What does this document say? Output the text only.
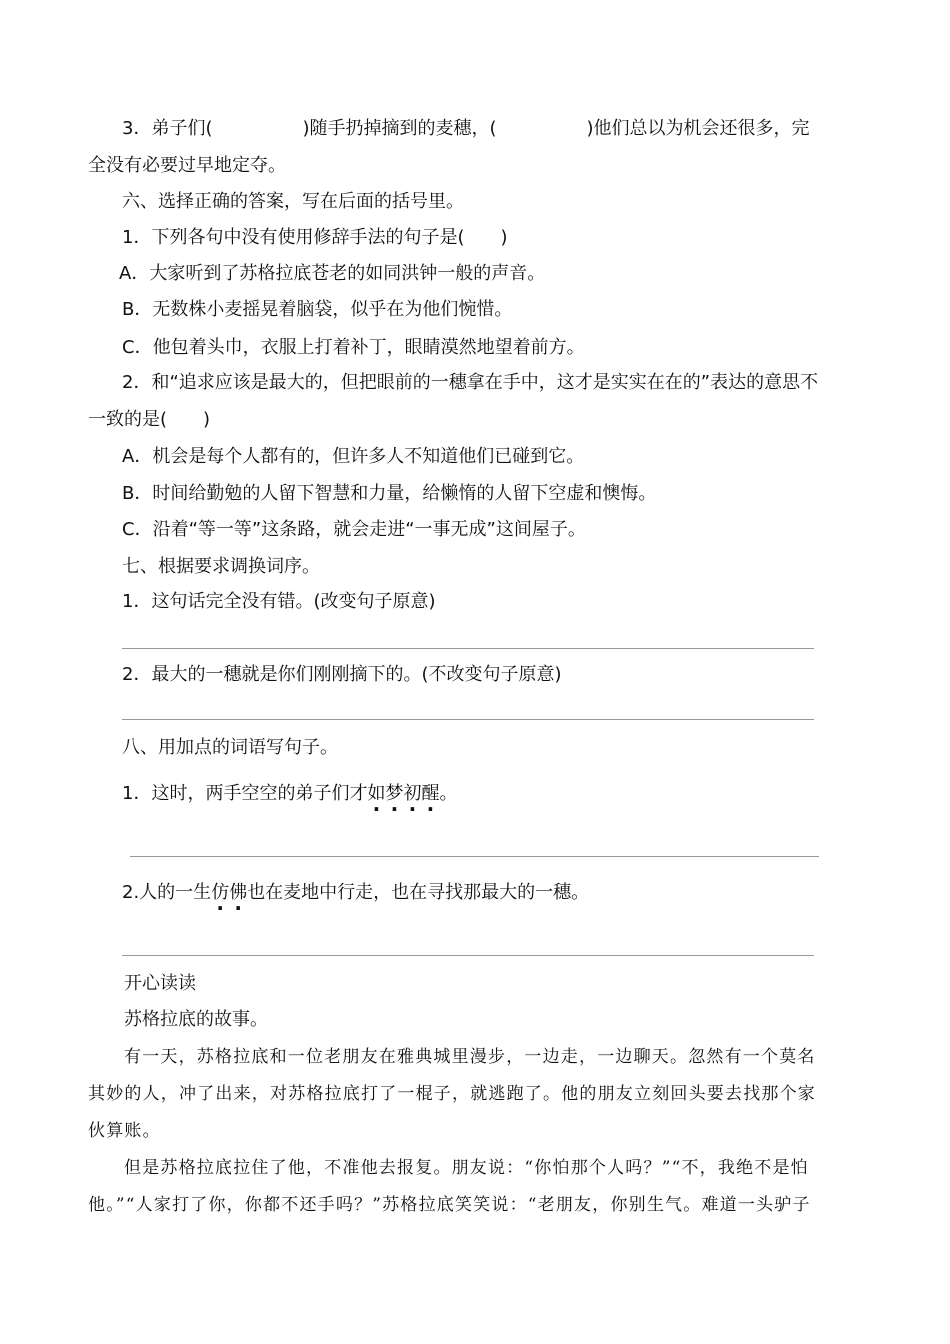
3．弟子们(　　　　　)随手扔掉摘到的麦穗，(　　　　　)他们总以为机会还很多，完
全没有必要过早地定夺。
六、选择正确的答案，写在后面的括号里。
1．下列各句中没有使用修辞手法的句子是(　　)
A．大家听到了苏格拉底苍老的如同洪钟一般的声音。
B．无数株小麦摇晃着脑袋，似乎在为他们惋惜。
C．他包着头巾，衣服上打着补丁，眼睛漠然地望着前方。
2．和“追求应该是最大的，但把眼前的一穗拿在手中，这才是实实在在的”表达的意思不
一致的是(　　)
A．机会是每个人都有的，但许多人不知道他们已碰到它。
B．时间给勤勉的人留下智慧和力量，给懒惰的人留下空虚和懊悔。
C．沿着“等一等”这条路，就会走进“一事无成”这间屋子。
七、根据要求调换词序。
1．这句话完全没有错。(改变句子原意)
2．最大的一穗就是你们刚刚摘下的。(不改变句子原意)
八、用加点的词语写句子。
1．这时，两手空空的弟子们才如梦初醒。
2.人的一生仿佛也在麦地中行走，也在寻找那最大的一穗。
开心读读
苏格拉底的故事。
有一天，苏格拉底和一位老朋友在雅典城里漫步，一边走，一边聊天。忽然有一个莫名
其妙的人，冲了出来，对苏格拉底打了一棍子，就逃跑了。他的朋友立刻回头要去找那个家
伙算账。
但是苏格拉底拉住了他，不准他去报复。朋友说：“你怕那个人吗？”“不，我绝不是怕
他。”“人家打了你，你都不还手吗？”苏格拉底笑笑说：“老朋友，你别生气。难道一头驴子
